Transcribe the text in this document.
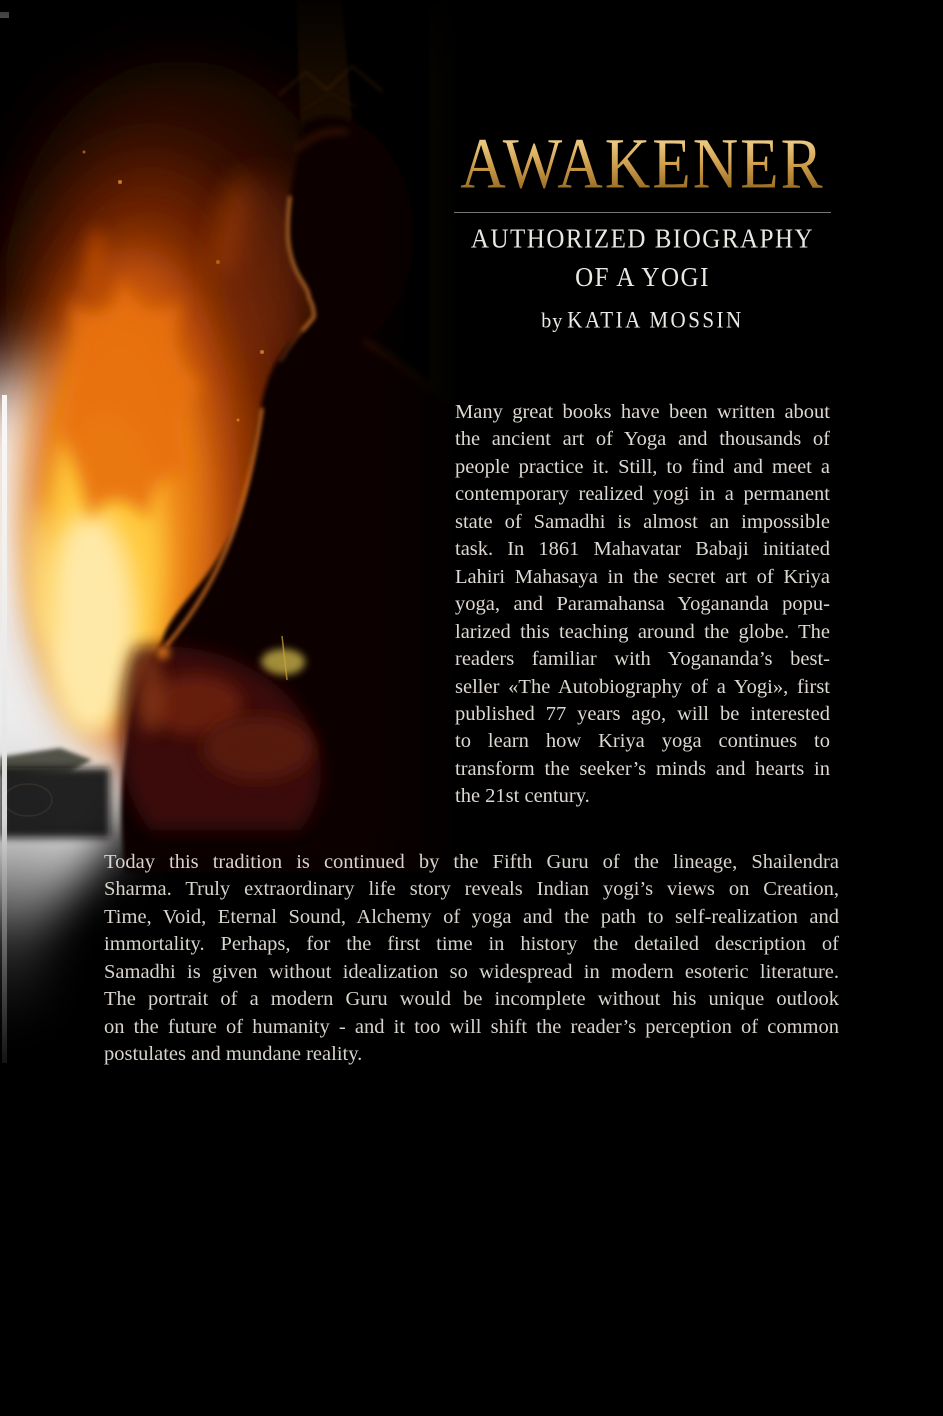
AWAKENER
AUTHORIZED BIOGRAPHY
OF A YOGI
by KATIA MOSSIN
Many great books have been written about
the ancient art of Yoga and thousands of
people practice it. Still, to find and meet a
contemporary realized yogi in a permanent
state of Samadhi is almost an impossible
task. In 1861 Mahavatar Babaji initiated
Lahiri Mahasaya in the secret art of Kriya
yoga, and Paramahansa Yogananda popu-
larized this teaching around the globe. The
readers familiar with Yogananda’s best-
seller «The Autobiography of a Yogi», first
published 77 years ago, will be interested
to learn how Kriya yoga continues to
transform the seeker’s minds and hearts in
the 21st century.
Today this tradition is continued by the Fifth Guru of the lineage, Shailendra
Sharma. Truly extraordinary life story reveals Indian yogi’s views on Creation,
Time, Void, Eternal Sound, Alchemy of yoga and the path to self-realization and
immortality. Perhaps, for the first time in history the detailed description of
Samadhi is given without idealization so widespread in modern esoteric literature.
The portrait of a modern Guru would be incomplete without his unique outlook
on the future of humanity - and it too will shift the reader’s perception of common
postulates and mundane reality.
